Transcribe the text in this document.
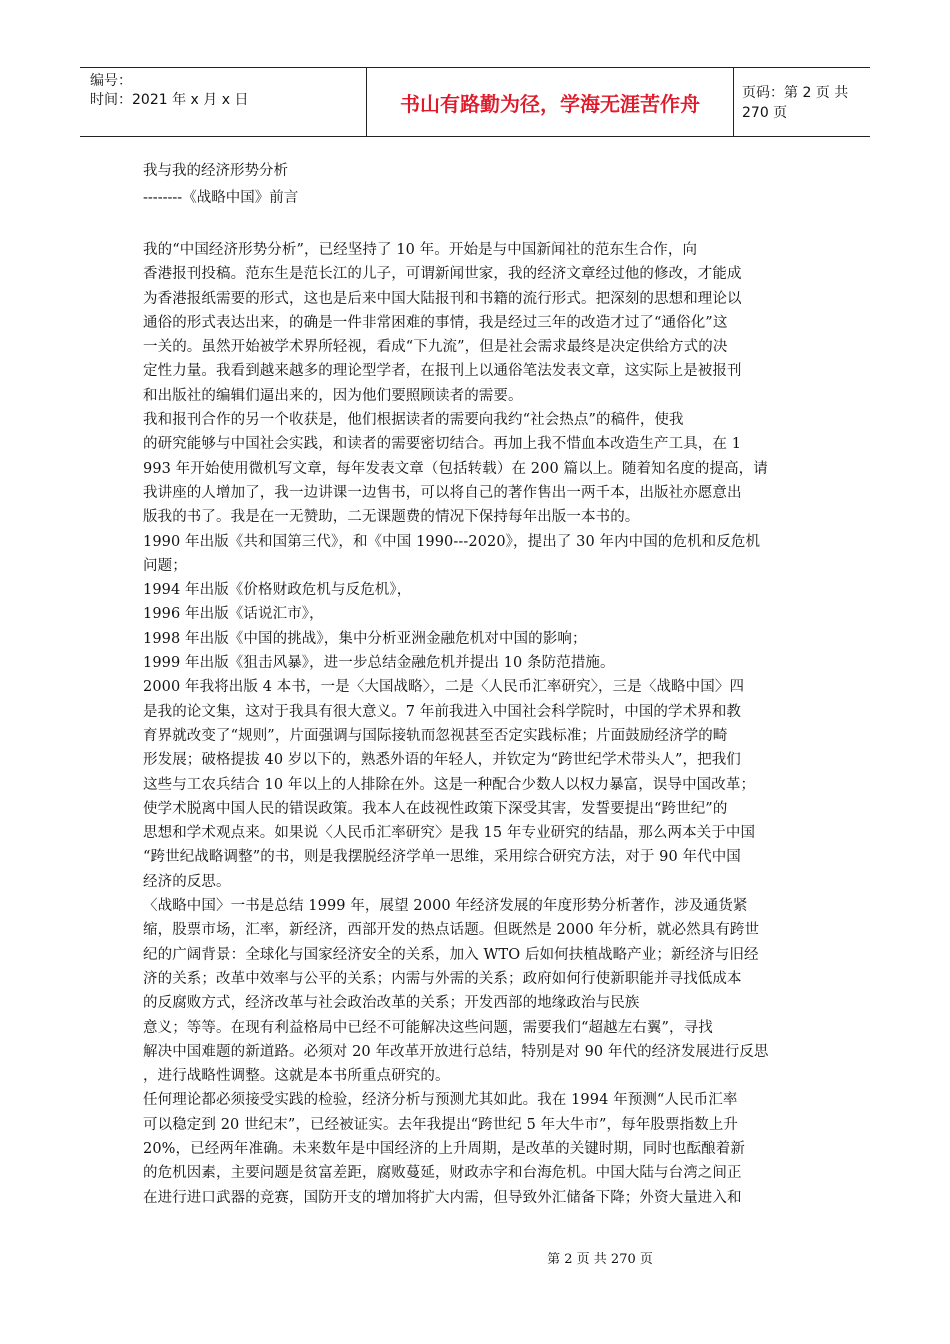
编号：
时间：2021 年 x 月 x 日	书山有路勤为径，学海无涯苦作舟	页码：第 2 页 共 270 页

我与我的经济形势分析

--------《战略中国》前言

我的“中国经济形势分析”，已经坚持了 10 年。开始是与中国新闻社的范东生合作，向

香港报刊投稿。范东生是范长江的儿子，可谓新闻世家，我的经济文章经过他的修改，才能成

为香港报纸需要的形式，这也是后来中国大陆报刊和书籍的流行形式。把深刻的思想和理论以

通俗的形式表达出来，的确是一件非常困难的事情，我是经过三年的改造才过了“通俗化”这

一关的。虽然开始被学术界所轻视，看成“下九流”，但是社会需求最终是决定供给方式的决

定性力量。我看到越来越多的理论型学者，在报刊上以通俗笔法发表文章，这实际上是被报刊

和出版社的编辑们逼出来的，因为他们要照顾读者的需要。

我和报刊合作的另一个收获是，他们根据读者的需要向我约“社会热点”的稿件，使我

的研究能够与中国社会实践，和读者的需要密切结合。再加上我不惜血本改造生产工具，在 1

993 年开始使用微机写文章，每年发表文章（包括转载）在 200 篇以上。随着知名度的提高，请

我讲座的人增加了，我一边讲课一边售书，可以将自己的著作售出一两千本，出版社亦愿意出

版我的书了。我是在一无赞助，二无课题费的情况下保持每年出版一本书的。

1990 年出版《共和国第三代》，和《中国 1990---2020》，提出了 30 年内中国的危机和反危机

问题；

1994 年出版《价格财政危机与反危机》，

1996 年出版《话说汇市》，

1998 年出版《中国的挑战》，集中分析亚洲金融危机对中国的影响；

1999 年出版《狙击风暴》，进一步总结金融危机并提出 10 条防范措施。

2000 年我将出版 4 本书，一是〈大国战略〉，二是〈人民币汇率研究〉，三是〈战略中国〉四

是我的论文集，这对于我具有很大意义。7 年前我进入中国社会科学院时，中国的学术界和教

育界就改变了“规则”，片面强调与国际接轨而忽视甚至否定实践标准；片面鼓励经济学的畸

形发展；破格提拔 40 岁以下的，熟悉外语的年轻人，并钦定为“跨世纪学术带头人”，把我们

这些与工农兵结合 10 年以上的人排除在外。这是一种配合少数人以权力暴富，误导中国改革；

使学术脱离中国人民的错误政策。我本人在歧视性政策下深受其害，发誓要提出“跨世纪”的

思想和学术观点来。如果说〈人民币汇率研究〉是我 15 年专业研究的结晶，那么两本关于中国

“跨世纪战略调整”的书，则是我摆脱经济学单一思维，采用综合研究方法，对于 90 年代中国

经济的反思。

〈战略中国〉一书是总结 1999 年，展望 2000 年经济发展的年度形势分析著作，涉及通货紧

缩，股票市场，汇率，新经济，西部开发的热点话题。但既然是 2000 年分析，就必然具有跨世

纪的广阔背景：全球化与国家经济安全的关系，加入 WTO 后如何扶植战略产业；新经济与旧经

济的关系；改革中效率与公平的关系；内需与外需的关系；政府如何行使新职能并寻找低成本

的反腐败方式，经济改革与社会政治改革的关系；开发西部的地缘政治与民族

意义；等等。在现有利益格局中已经不可能解决这些问题，需要我们“超越左右翼”，寻找

解决中国难题的新道路。必须对 20 年改革开放进行总结，特别是对 90 年代的经济发展进行反思

，进行战略性调整。这就是本书所重点研究的。

任何理论都必须接受实践的检验，经济分析与预测尤其如此。我在 1994 年预测“人民币汇率

可以稳定到 20 世纪末”，已经被证实。去年我提出“跨世纪 5 年大牛市”，每年股票指数上升

20%，已经两年准确。未来数年是中国经济的上升周期，是改革的关键时期，同时也酝酿着新

的危机因素，主要问题是贫富差距，腐败蔓延，财政赤字和台海危机。中国大陆与台湾之间正

在进行进口武器的竞赛，国防开支的增加将扩大内需，但导致外汇储备下降；外资大量进入和

第 2 页 共 270 页
